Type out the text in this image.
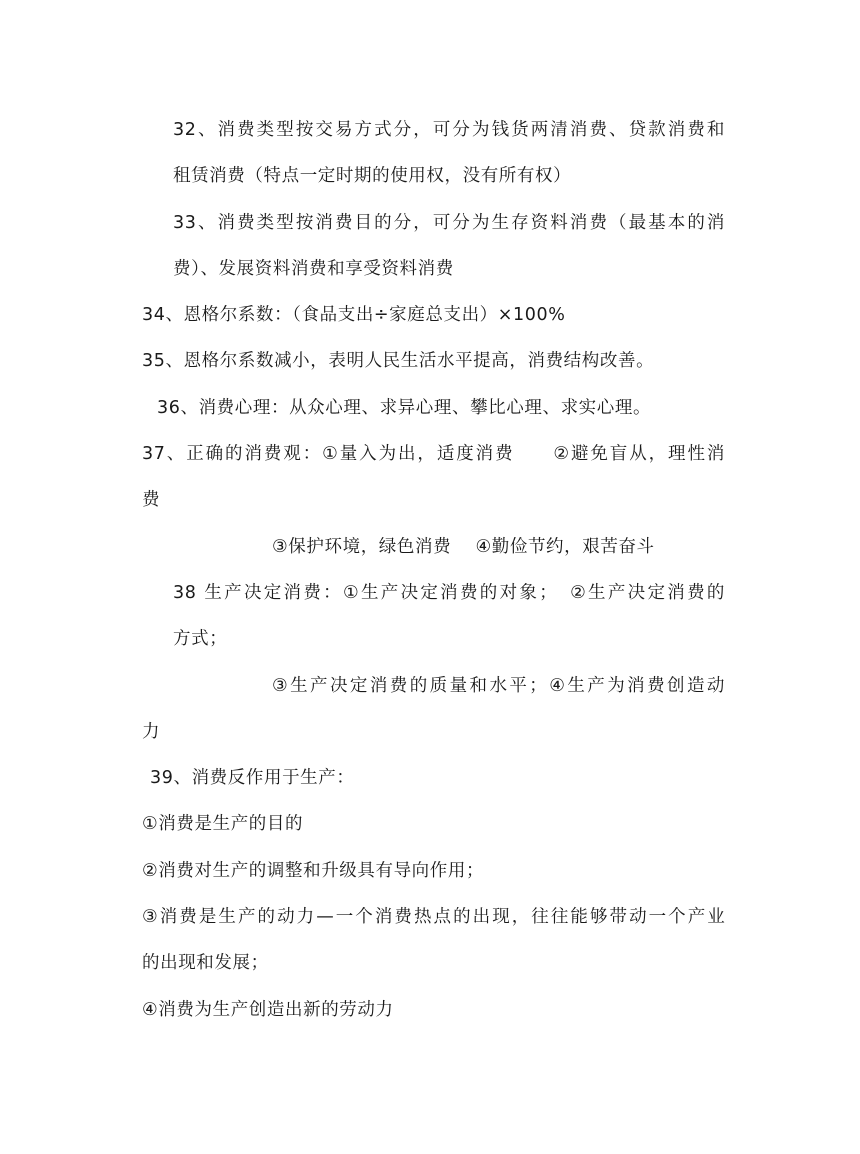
32、消费类型按交易方式分，可分为钱货两清消费、贷款消费和
租赁消费（特点一定时期的使用权，没有所有权）
33、消费类型按消费目的分，可分为生存资料消费（最基本的消
费）、发展资料消费和享受资料消费
34、恩格尔系数：（食品支出÷家庭总支出）×100%
35、恩格尔系数减小，表明人民生活水平提高，消费结构改善。
36、消费心理：从众心理、求异心理、攀比心理、求实心理。
37、正确的消费观：①量入为出，适度消费　　②避免盲从，理性消
费
③保护环境，绿色消费　 ④勤俭节约，艰苦奋斗
38 生产决定消费：①生产决定消费的对象；　②生产决定消费的
方式；
③生产决定消费的质量和水平；④生产为消费创造动
力
39、消费反作用于生产：
①消费是生产的目的
②消费对生产的调整和升级具有导向作用；
③消费是生产的动力—一个消费热点的出现，往往能够带动一个产业
的出现和发展；
④消费为生产创造出新的劳动力
